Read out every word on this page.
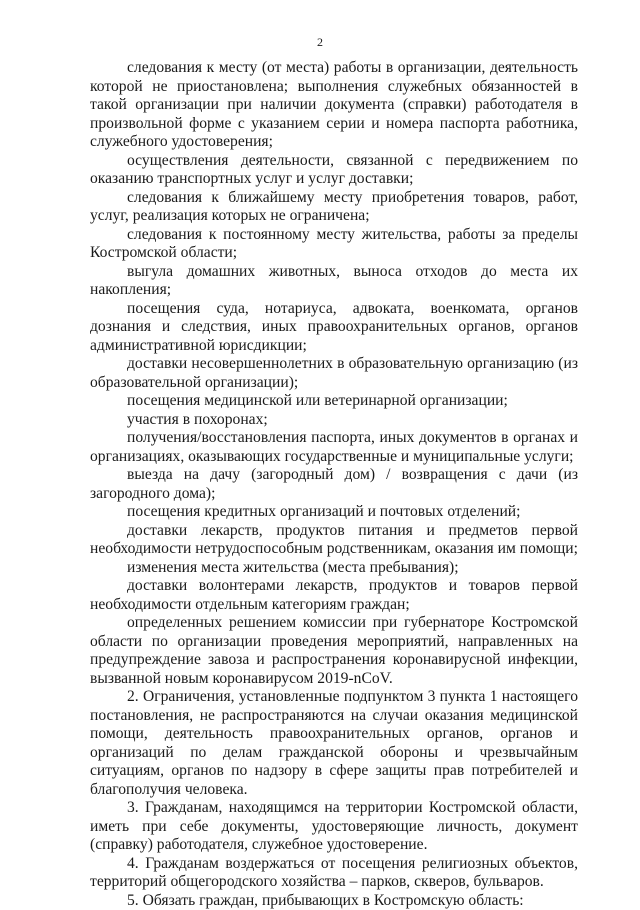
2

следования к месту (от места) работы в организации, деятельность которой не приостановлена; выполнения служебных обязанностей в такой организации при наличии документа (справки) работодателя в произвольной форме с указанием серии и номера паспорта работника, служебного удостоверения;

осуществления деятельности, связанной с передвижением по оказанию транспортных услуг и услуг доставки;

следования к ближайшему месту приобретения товаров, работ, услуг, реализация которых не ограничена;

следования к постоянному месту жительства, работы за пределы Костромской области;

выгула домашних животных, выноса отходов до места их накопления;

посещения суда, нотариуса, адвоката, военкомата, органов дознания и следствия, иных правоохранительных органов, органов административной юрисдикции;

доставки несовершеннолетних в образовательную организацию (из образовательной организации);

посещения медицинской или ветеринарной организации;

участия в похоронах;

получения/восстановления паспорта, иных документов в органах и организациях, оказывающих государственные и муниципальные услуги;

выезда на дачу (загородный дом) / возвращения с дачи (из загородного дома);

посещения кредитных организаций и почтовых отделений;

доставки лекарств, продуктов питания и предметов первой необходимости нетрудоспособным родственникам, оказания им помощи;

изменения места жительства (места пребывания);

доставки волонтерами лекарств, продуктов и товаров первой необходимости отдельным категориям граждан;

определенных решением комиссии при губернаторе Костромской области по организации проведения мероприятий, направленных на предупреждение завоза и распространения коронавирусной инфекции, вызванной новым коронавирусом 2019-nCoV.

2. Ограничения, установленные подпунктом 3 пункта 1 настоящего постановления, не распространяются на случаи оказания медицинской помощи, деятельность правоохранительных органов, органов и организаций по делам гражданской обороны и чрезвычайным ситуациям, органов по надзору в сфере защиты прав потребителей и благополучия человека.

3. Гражданам, находящимся на территории Костромской области, иметь при себе документы, удостоверяющие личность, документ (справку) работодателя, служебное удостоверение.

4. Гражданам воздержаться от посещения религиозных объектов, территорий общегородского хозяйства – парков, скверов, бульваров.

5. Обязать граждан, прибывающих в Костромскую область:
